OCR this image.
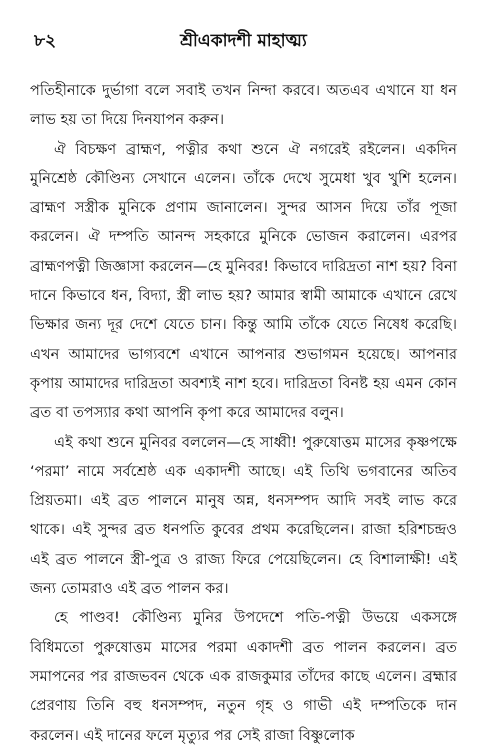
৮২	শ্রীএকাদশী মাহাত্ম্য

পতিহীনাকে দুর্ভাগা বলে সবাই তখন নিন্দা করবে। অতএব এখানে যা ধন লাভ হয় তা দিয়ে দিনযাপন করুন।

ঐ বিচক্ষণ ব্রাহ্মণ, পত্নীর কথা শুনে ঐ নগরেই রইলেন। একদিন মুনিশ্রেষ্ঠ কৌণ্ডিন্য সেখানে এলেন। তাঁকে দেখে সুমেধা খুব খুশি হলেন। ব্রাহ্মণ সস্ত্রীক মুনিকে প্রণাম জানালেন। সুন্দর আসন দিয়ে তাঁর পূজা করলেন। ঐ দম্পতি আনন্দ সহকারে মুনিকে ভোজন করালেন। এরপর ব্রাহ্মণপত্নী জিজ্ঞাসা করলেন—হে মুনিবর! কিভাবে দারিদ্রতা নাশ হয়? বিনা দানে কিভাবে ধন, বিদ্যা, স্ত্রী লাভ হয়? আমার স্বামী আমাকে এখানে রেখে ভিক্ষার জন্য দূর দেশে যেতে চান। কিন্তু আমি তাঁকে যেতে নিষেধ করেছি। এখন আমাদের ভাগ্যবশে এখানে আপনার শুভাগমন হয়েছে। আপনার কৃপায় আমাদের দারিদ্রতা অবশ্যই নাশ হবে। দারিদ্রতা বিনষ্ট হয় এমন কোন ব্রত বা তপস্যার কথা আপনি কৃপা করে আমাদের বলুন।

এই কথা শুনে মুনিবর বললেন—হে সাধ্বী! পুরুষোত্তম মাসের কৃষ্ণপক্ষে ‘পরমা’ নামে সর্বশ্রেষ্ঠ এক একাদশী আছে। এই তিথি ভগবানের অতিব প্রিয়তমা। এই ব্রত পালনে মানুষ অন্ন, ধনসম্পদ আদি সবই লাভ করে থাকে। এই সুন্দর ব্রত ধনপতি কুবের প্রথম করেছিলেন। রাজা হরিশচন্দ্রও এই ব্রত পালনে স্ত্রী-পুত্র ও রাজ্য ফিরে পেয়েছিলেন। হে বিশালাক্ষী! এই জন্য তোমরাও এই ব্রত পালন কর।

হে পাণ্ডব! কৌণ্ডিন্য মুনির উপদেশে পতি-পত্নী উভয়ে একসঙ্গে বিধিমতো পুরুষোত্তম মাসের পরমা একাদশী ব্রত পালন করলেন। ব্রত সমাপনের পর রাজভবন থেকে এক রাজকুমার তাঁদের কাছে এলেন। ব্রহ্মার প্রেরণায় তিনি বহু ধনসম্পদ, নতুন গৃহ ও গাভী এই দম্পতিকে দান করলেন। এই দানের ফলে মৃত্যুর পর সেই রাজা বিষ্ণুলোক
